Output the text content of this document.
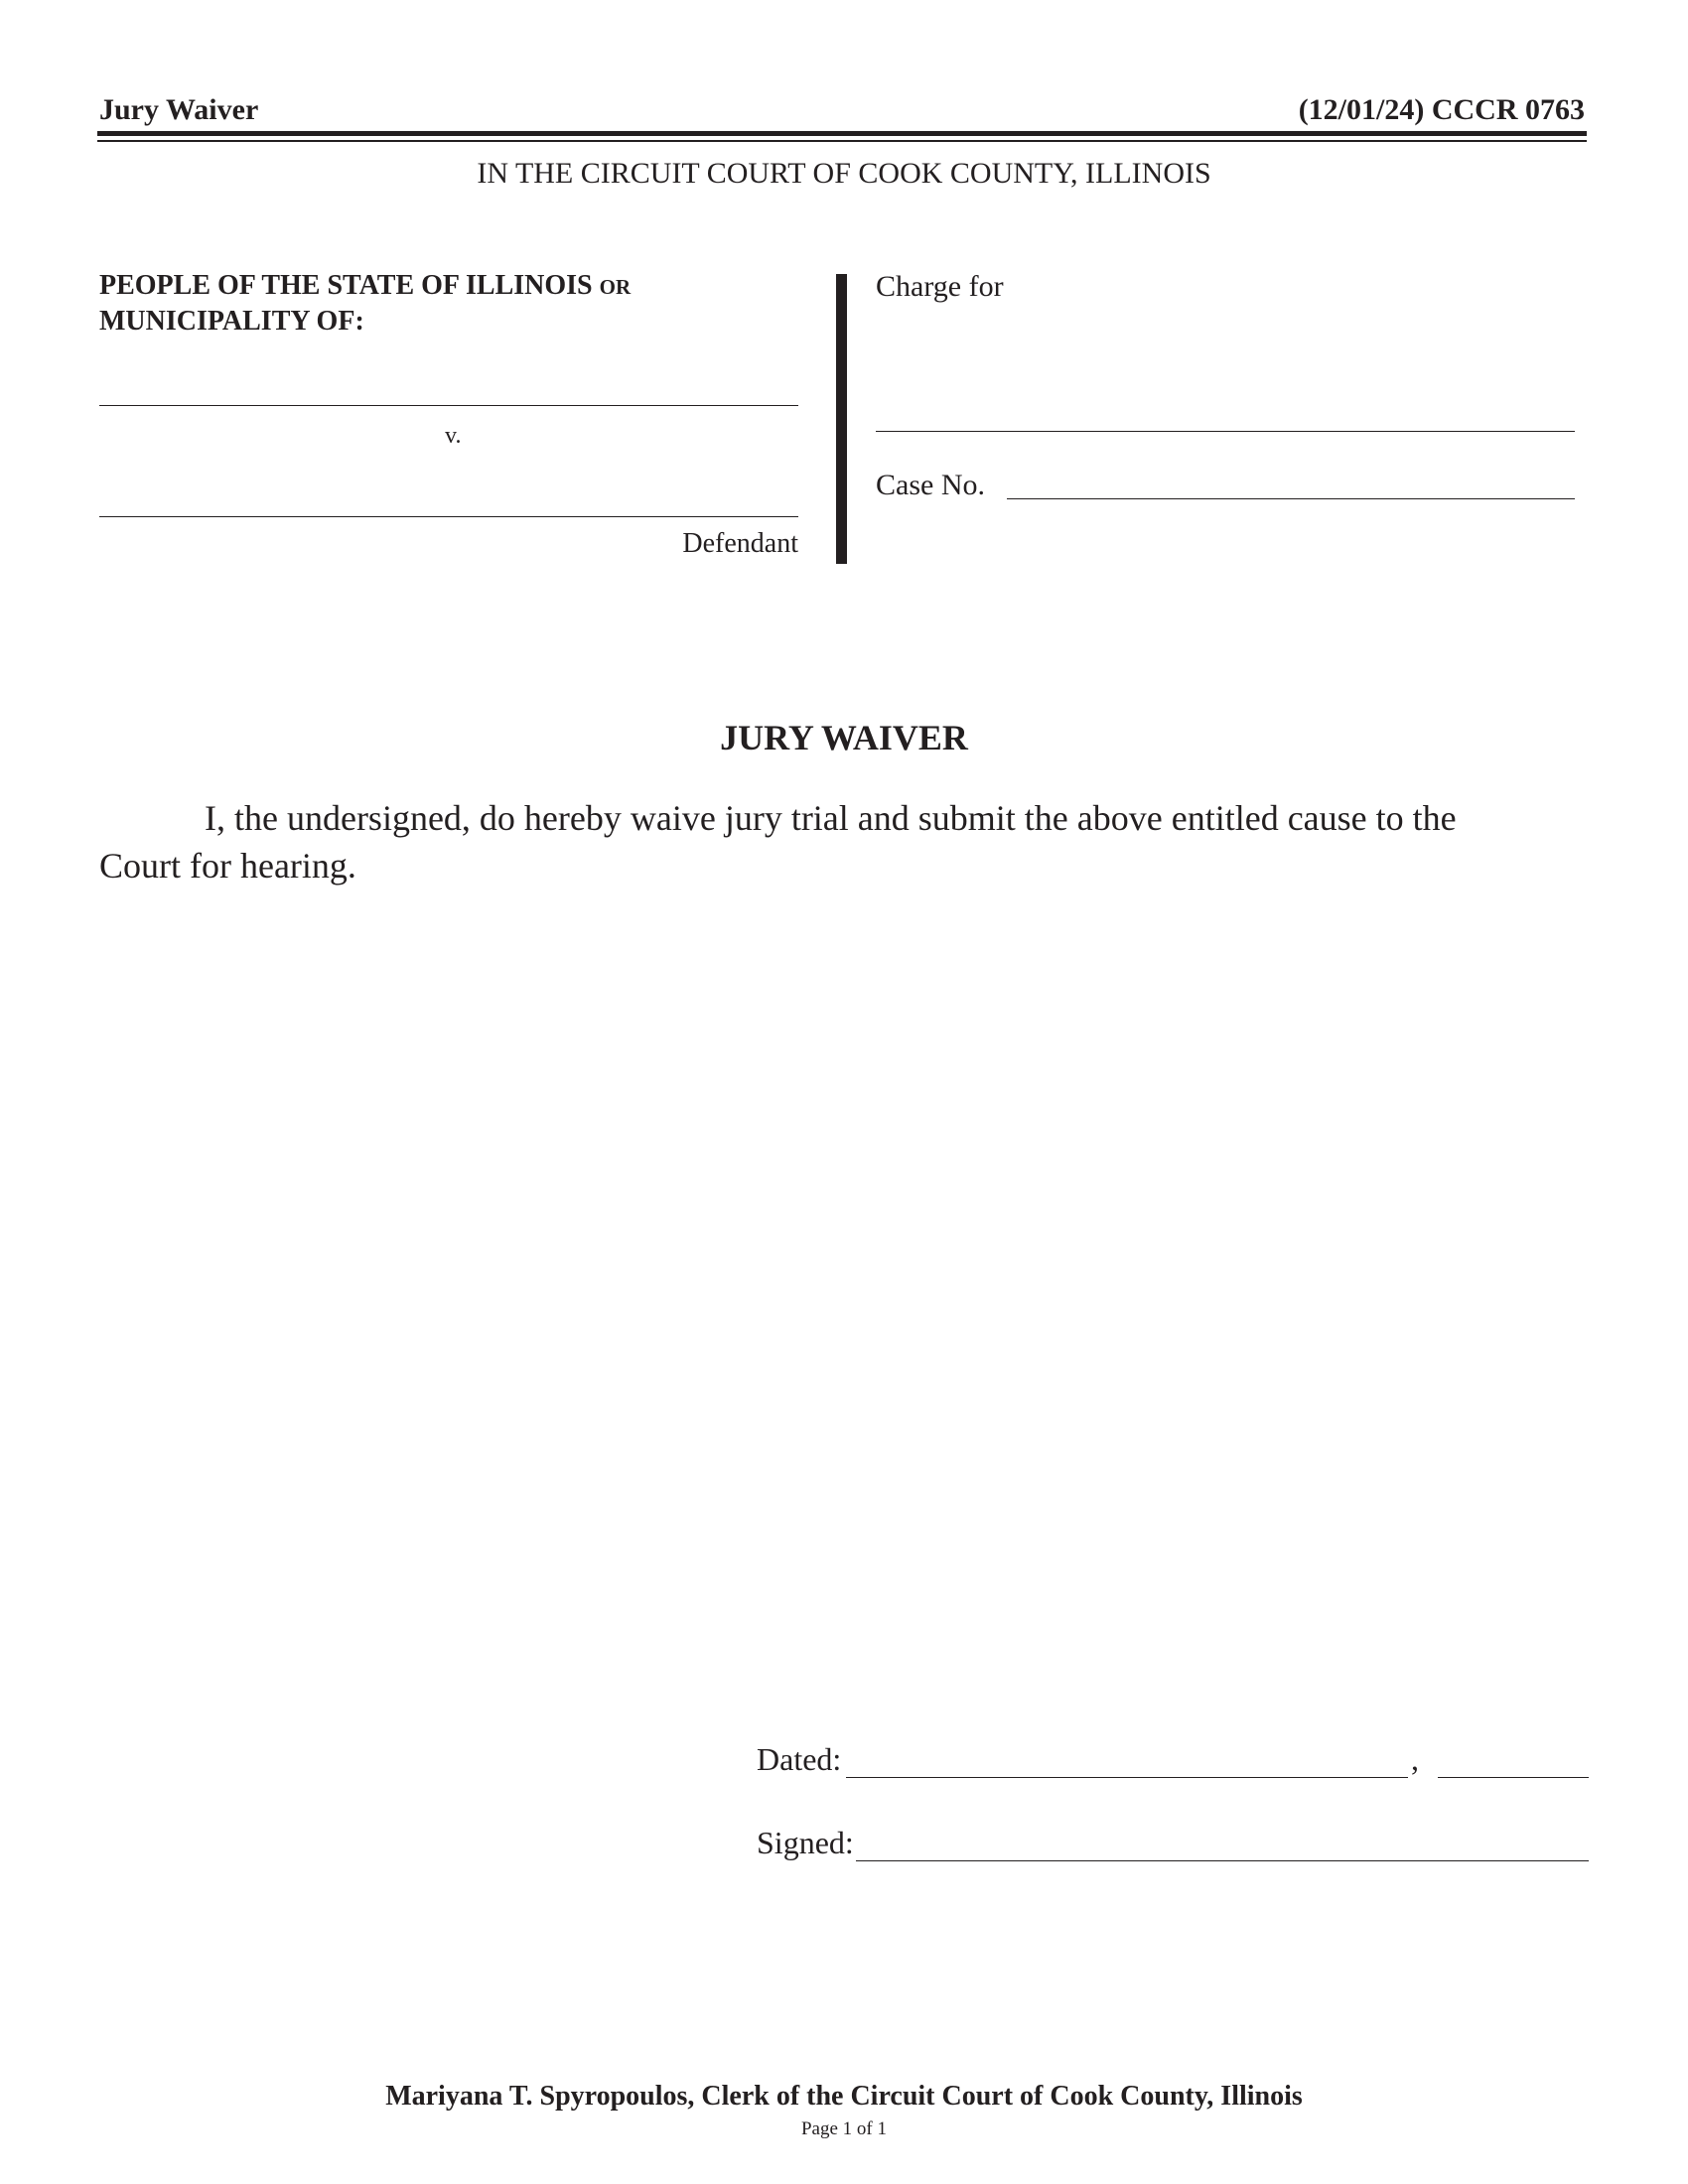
Jury Waiver	(12/01/24) CCCR 0763
IN THE CIRCUIT COURT OF COOK COUNTY, ILLINOIS
PEOPLE OF THE STATE OF ILLINOIS OR
MUNICIPALITY OF:
v.
Defendant
Charge for
Case No.
JURY WAIVER
I, the undersigned, do hereby waive jury trial and submit the above entitled cause to the Court for hearing.
Dated:	,
Signed:
Mariyana T. Spyropoulos, Clerk of the Circuit Court of Cook County, Illinois
Page 1 of 1
